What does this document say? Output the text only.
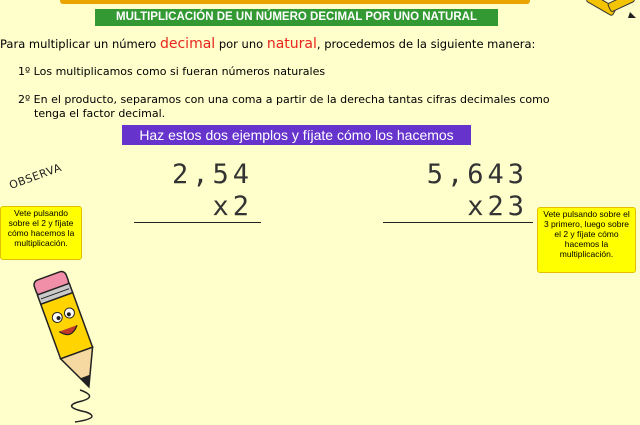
MULTIPLICACIÓN DE UN NÚMERO DECIMAL POR UNO NATURAL
Para multiplicar un número decimal por uno natural, procedemos de la siguiente manera:
1º Los multiplicamos como si fueran números naturales
2º En el producto, separamos con una coma a partir de la derecha tantas cifras decimales como
tenga el factor decimal.
Haz estos dos ejemplos y fíjate cómo los hacemos
OBSERVA
Vete pulsando sobre el 2 y fíjate cómo hacemos la multiplicación.
2,54
x2
5,643
x23	Vete pulsando sobre el 3 primero, luego sobre el 2 y fíjate cómo hacemos la multiplicación.
